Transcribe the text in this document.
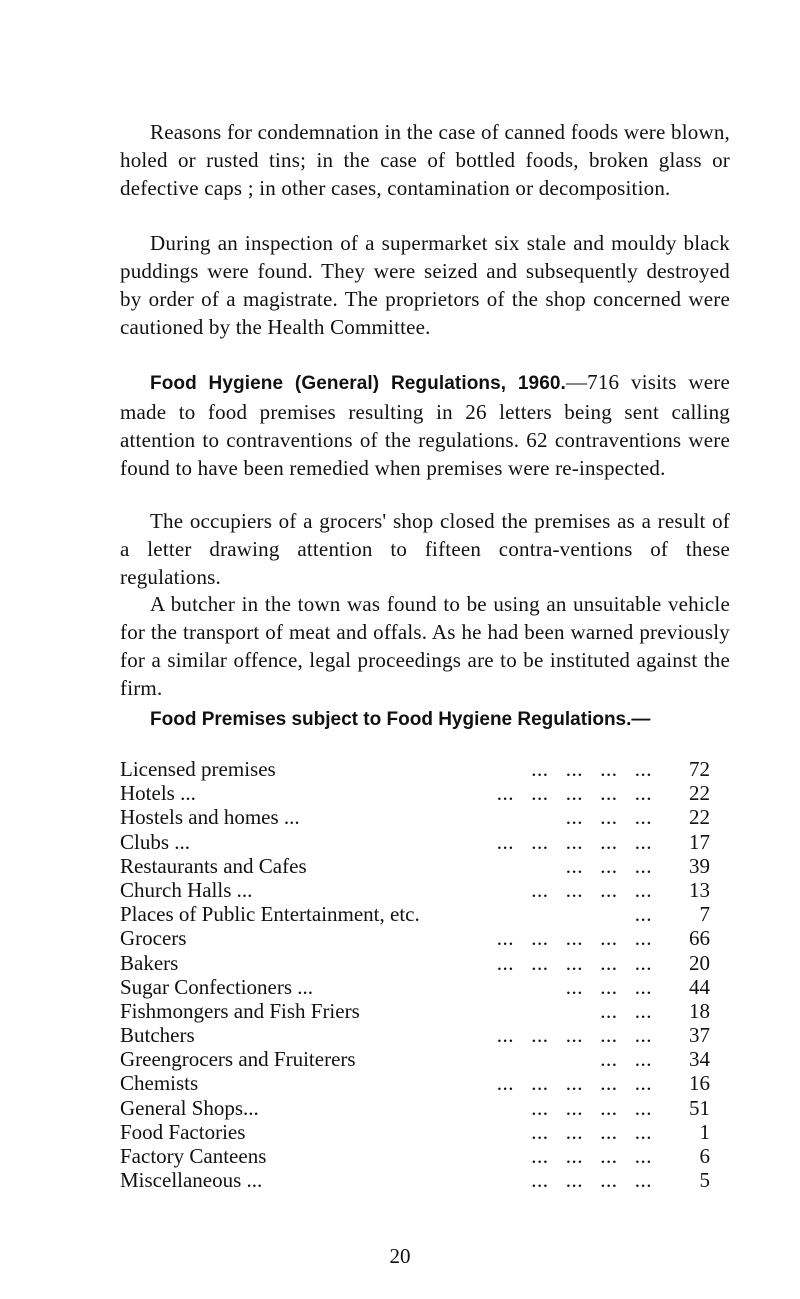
Reasons for condemnation in the case of canned foods were blown, holed or rusted tins; in the case of bottled foods, broken glass or defective caps ; in other cases, contamination or decomposition.

During an inspection of a supermarket six stale and mouldy black puddings were found. They were seized and subsequently destroyed by order of a magistrate. The proprietors of the shop concerned were cautioned by the Health Committee.

Food Hygiene (General) Regulations, 1960.—716 visits were made to food premises resulting in 26 letters being sent calling attention to contraventions of the regulations. 62 contraventions were found to have been remedied when premises were re-inspected.

The occupiers of a grocers' shop closed the premises as a result of a letter drawing attention to fifteen contra-ventions of these regulations.

A butcher in the town was found to be using an unsuitable vehicle for the transport of meat and offals. As he had been warned previously for a similar offence, legal proceedings are to be instituted against the firm.

Food Premises subject to Food Hygiene Regulations.—
Licensed premises	...   ...   ...   ...	72
Hotels ...	...   ...   ...   ...   ...	22
Hostels and homes ...	...   ...   ...	22
Clubs ...	...   ...   ...   ...   ...	17
Restaurants and Cafes	...   ...   ...	39
Church Halls ...	...   ...   ...   ...	13
Places of Public Entertainment, etc.	...	7
Grocers	...   ...   ...   ...   ...	66
Bakers	...   ...   ...   ...   ...	20
Sugar Confectioners ...	...   ...   ...	44
Fishmongers and Fish Friers	...   ...	18
Butchers	...   ...   ...   ...   ...	37
Greengrocers and Fruiterers	...   ...	34
Chemists	...   ...   ...   ...   ...	16
General Shops...	...   ...   ...   ...	51
Food Factories	...   ...   ...   ...	1
Factory Canteens	...   ...   ...   ...	6
Miscellaneous ...	...   ...   ...   ...	5
20
